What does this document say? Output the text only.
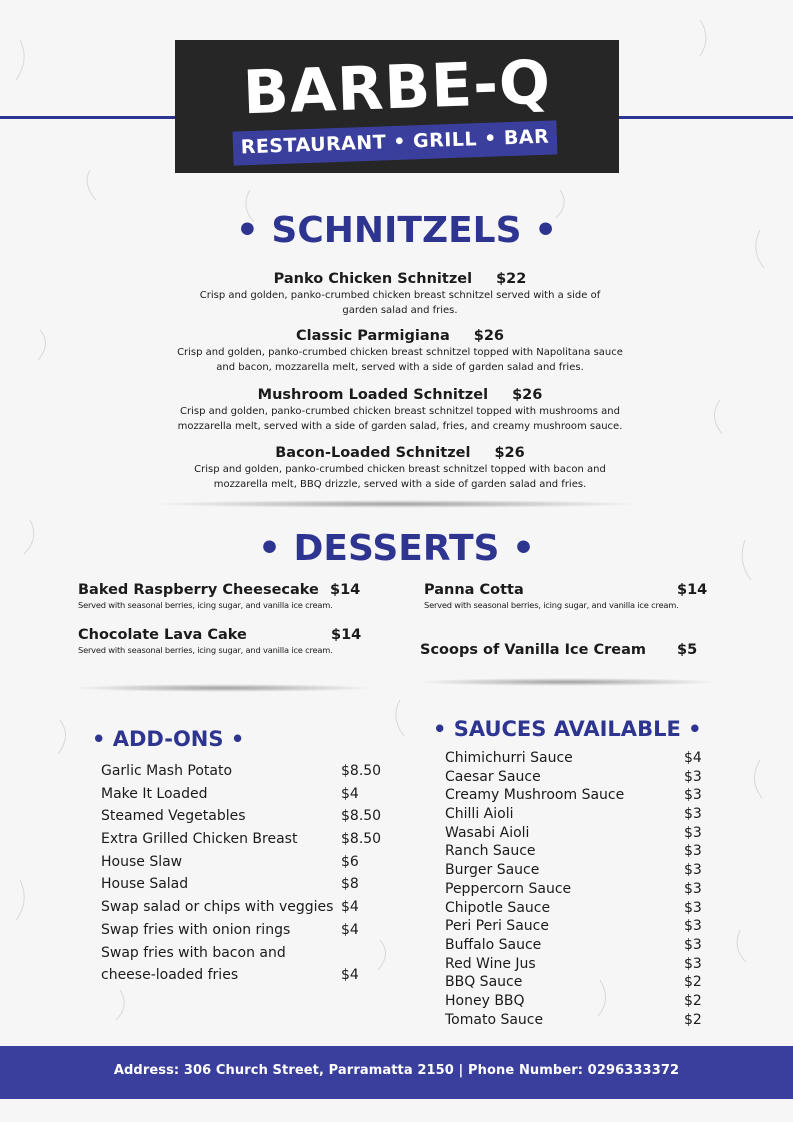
BARBE-Q
RESTAURANT • GRILL • BAR
• SCHNITZELS •
Panko Chicken Schnitzel $22
Crisp and golden, panko-crumbed chicken breast schnitzel served with a side of
garden salad and fries.
Classic Parmigiana $26
Crisp and golden, panko-crumbed chicken breast schnitzel topped with Napolitana sauce
and bacon, mozzarella melt, served with a side of garden salad and fries.
Mushroom Loaded Schnitzel $26
Crisp and golden, panko-crumbed chicken breast schnitzel topped with mushrooms and
mozzarella melt, served with a side of garden salad, fries, and creamy mushroom sauce.
Bacon-Loaded Schnitzel $26
Crisp and golden, panko-crumbed chicken breast schnitzel topped with bacon and
mozzarella melt, BBQ drizzle, served with a side of garden salad and fries.
• DESSERTS •
Baked Raspberry Cheesecake $14
Served with seasonal berries, icing sugar, and vanilla ice cream.
Chocolate Lava Cake	$14
Served with seasonal berries, icing sugar, and vanilla ice cream.
Panna Cotta	$14
Served with seasonal berries, icing sugar, and vanilla ice cream.
Scoops of Vanilla Ice Cream $5
• ADD-ONS •
Garlic Mash Potato	$8.50
Make It Loaded	$4
Steamed Vegetables	$8.50
Extra Grilled Chicken Breast	$8.50
House Slaw	$6
House Salad	$8
Swap salad or chips with veggies $4
Swap fries with onion rings	$4
Swap fries with bacon and
cheese-loaded fries	$4
• SAUCES AVAILABLE •
Chimichurri Sauce	$4
Caesar Sauce	$3
Creamy Mushroom Sauce	$3
Chilli Aioli	$3
Wasabi Aioli	$3
Ranch Sauce	$3
Burger Sauce	$3
Peppercorn Sauce	$3
Chipotle Sauce	$3
Peri Peri Sauce	$3
Buffalo Sauce	$3
Red Wine Jus	$3
BBQ Sauce	$2
Honey BBQ	$2
Tomato Sauce	$2
Address: 306 Church Street, Parramatta 2150 | Phone Number: 0296333372
